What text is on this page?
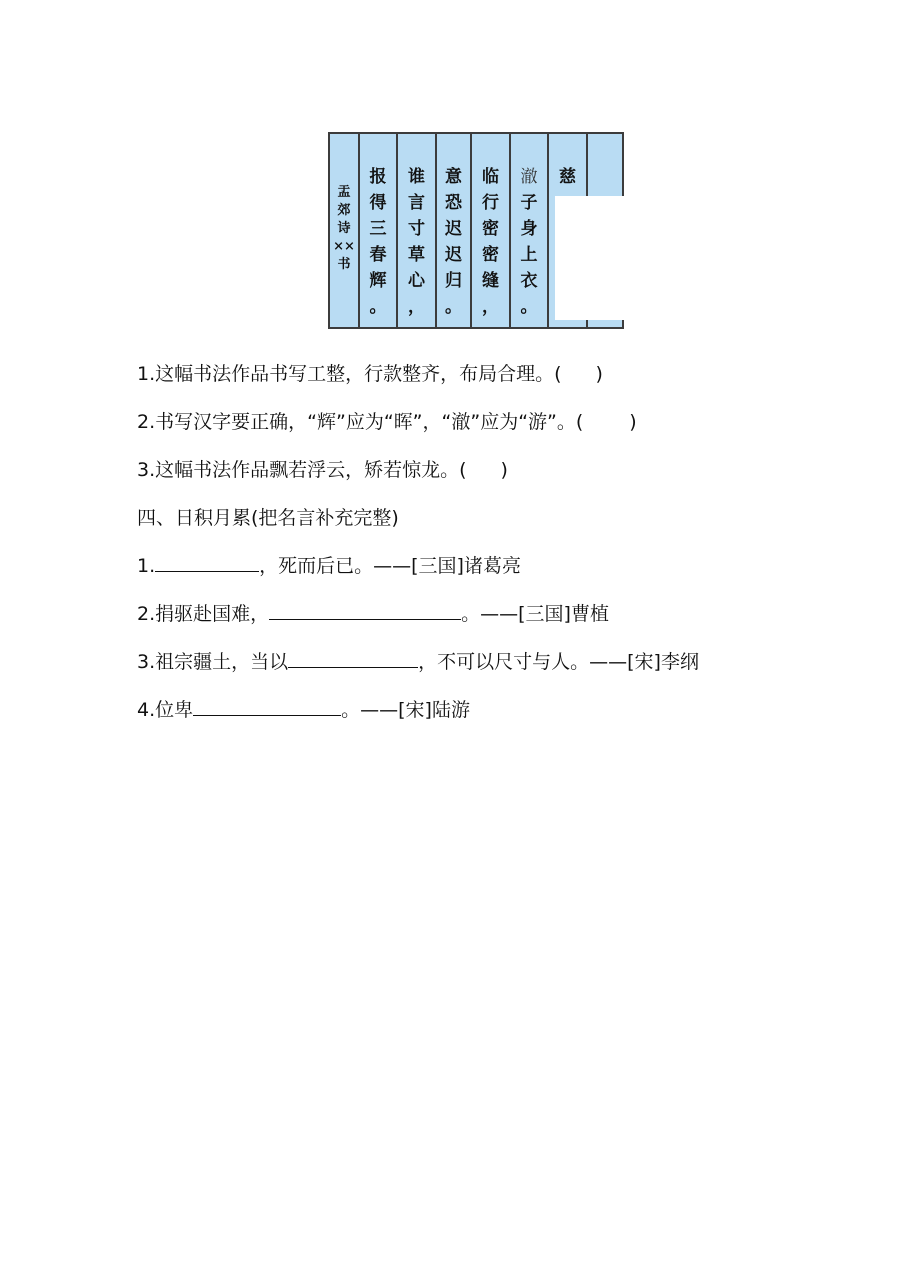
盂
郊
诗
××
书
报
得
三
春
辉
。
谁
言
寸
草
心
，
意
恐
迟
迟
归
。
临
行
密
密
缝
，
澈
子
身
上
衣
。
慈
1.这幅书法作品书写工整，行款整齐，布局合理。( )
2.书写汉字要正确，“辉”应为“晖”，“澈”应为“游”。( )
3.这幅书法作品飘若浮云，矫若惊龙。( )
四、日积月累(把名言补充完整)
1.	，死而后已。——[三国]诸葛亮
2.捐驱赴国难，	。——[三国]曹植
3.祖宗疆土，当以	，不可以尺寸与人。——[宋]李纲
4.位卑	。——[宋]陆游
